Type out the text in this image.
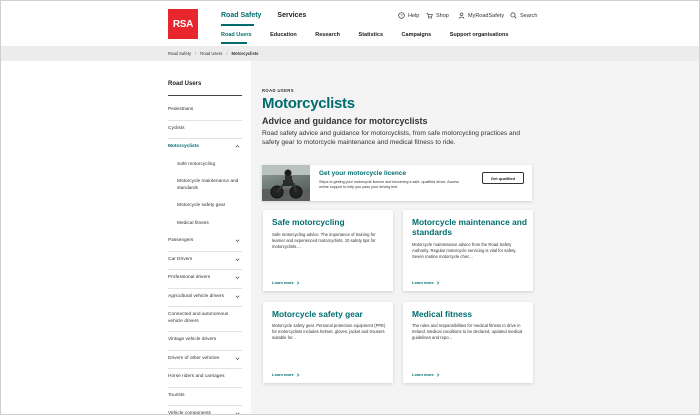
RSA
Road Safety Services	? Help	Shop	MyRoadSafety	Search
Road Users	Education	Research	Statistics	Campaigns	Support organisations
Road Safety / Road Users / Motorcyclists
Road Users
Pedestrians
Cyclists
Motorcyclists
Safe motorcycling
Motorcycle maintenance and standards
Motorcycle safety gear
Medical fitness
Passengers
Car Drivers
Professional drivers
Agricultural vehicle drivers
Connected and autonomous vehicle drivers
Vintage vehicle drivers
Drivers of other vehicles
Horse riders and carriages
Tourists
Vehicle components
ROAD USERS
Motorcyclists
Advice and guidance for motorcyclists
Road safety advice and guidance for motorcyclists, from safe motorcycling practices and safety gear to motorcycle maintenance and medical fitness to ride.
Get your motorcycle licence
Steps to getting your motorcycle licence and becoming a safe, qualified driver. Access online support to help you pass your driving test.
Get qualified
Safe motorcycling
Safe motorcycling advice. The importance of training for learner and experienced motorcyclists. 10 safety tips for motorcyclists....
Learn more
Motorcycle maintenance and standards
Motorcycle maintenance advice from the Road Safety Authority. Regular motorcycle servicing is vital for safety. Seven routine motorcycle chec...
Learn more
Motorcycle safety gear
Motorcycle safety gear. Personal protection equipment (PPE) for motorcyclists includes helmet, gloves, jacket and trousers suitable for...
Learn more
Medical fitness
The rules and responsibilities for medical fitness to drive in Ireland. Medical conditions to be declared, updated medical guidelines and repo...
Learn more
